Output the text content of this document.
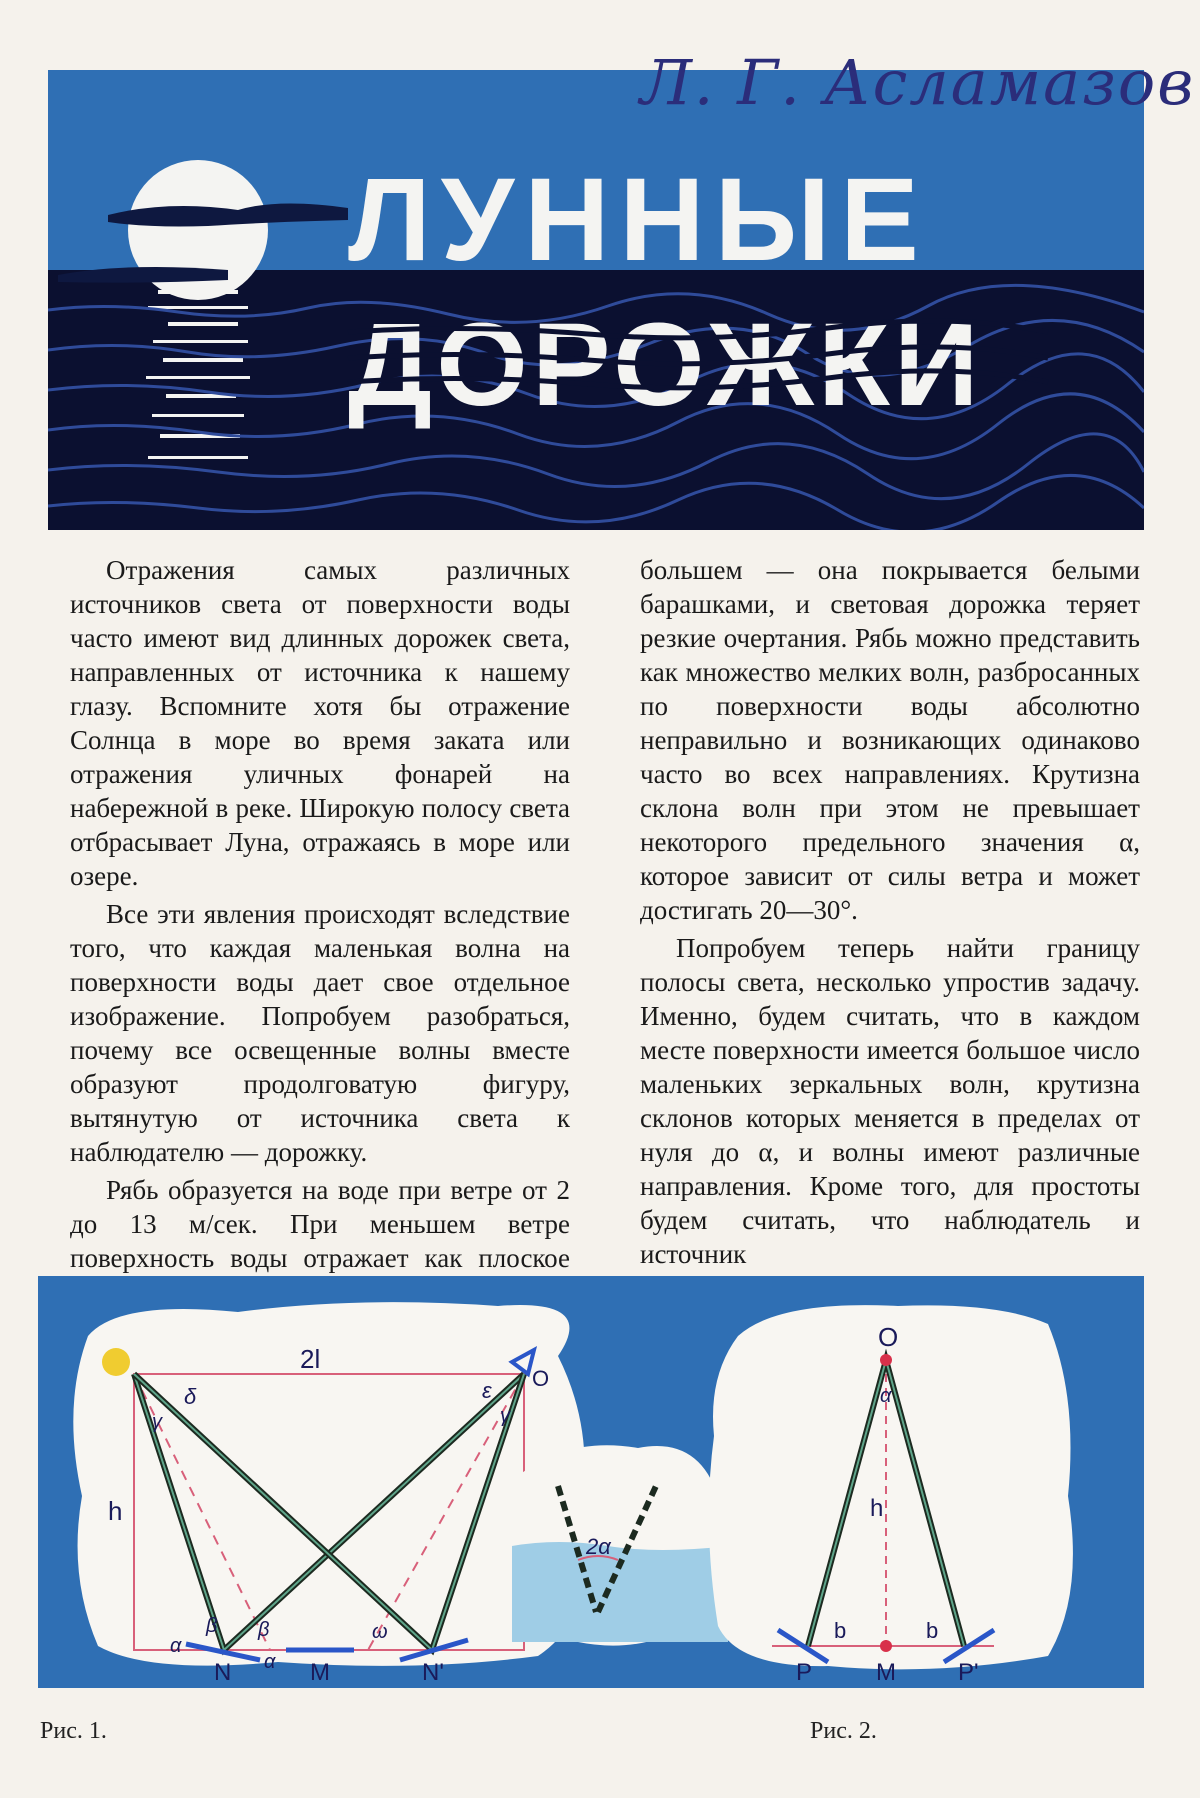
ЛУННЫЕ
ДОРОЖКИ
Л. Г. Асламазов

Отражения самых различных источников света от поверхности воды часто имеют вид длинных дорожек света, направленных от источника к нашему глазу. Вспомните хотя бы отражение Солнца в море во время заката или отражения уличных фонарей на набережной в реке. Широкую полосу света отбрасывает Луна, отражаясь в море или озере.

Все эти явления происходят вследствие того, что каждая маленькая волна на поверхности воды дает свое отдельное изображение. Попробуем разобраться, почему все освещенные волны вместе образуют продолговатую фигуру, вытянутую от источника света к наблюдателю — дорожку.

Рябь образуется на воде при ветре от 2 до 13 м/сек. При меньшем ветре поверхность воды отражает как плоское

большем — она покрывается белыми барашками, и световая дорожка теряет резкие очертания. Рябь можно представить как множество мелких волн, разбросанных по поверхности воды абсолютно неправильно и возникающих одинаково часто во всех направлениях. Крутизна склона волн при этом не превышает некоторого предельного значения α, которое зависит от силы ветра и может достигать 20—30°.

Попробуем теперь найти границу полосы света, несколько упростив задачу. Именно, будем считать, что в каждом месте поверхности имеется большое число маленьких зеркальных волн, крутизна склонов которых меняется в пределах от нуля до α, и волны имеют различные направления. Кроме того, для простоты будем считать, что наблюдатель и источник

2l
h
O
N	M	N'
δ
γ
ε
γ
α
β β
α
ω
2α
O
α
h
P	M	P'
b	b
Рис. 1.	Рис. 2.
